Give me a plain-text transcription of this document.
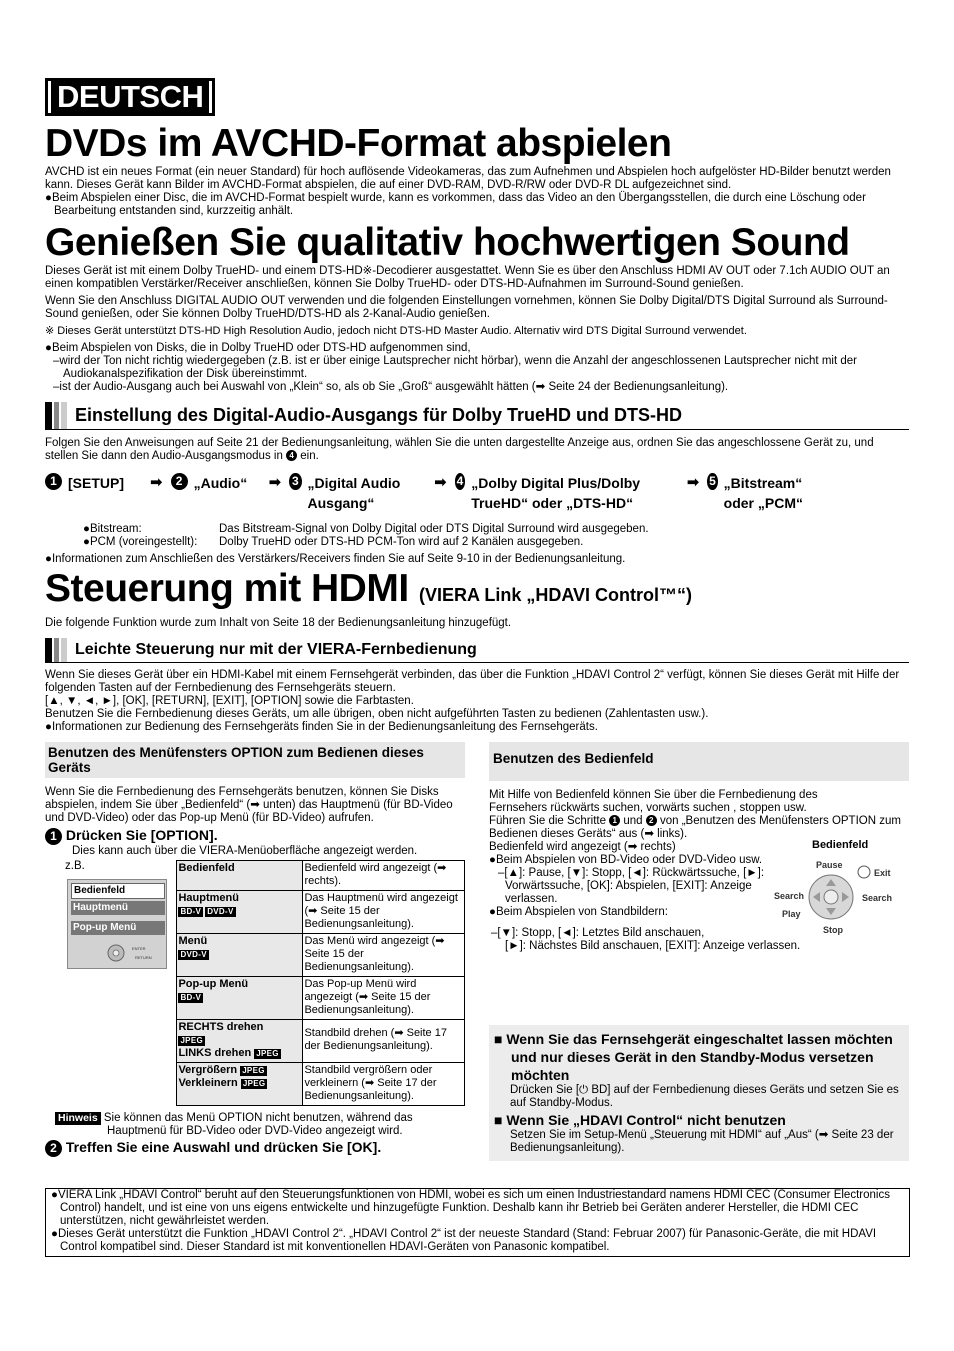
DEUTSCH
DVDs im AVCHD-Format abspielen

AVCHD ist ein neues Format (ein neuer Standard) für hoch auflösende Videokameras, das zum Aufnehmen und Abspielen hoch aufgelöster HD-Bilder benutzt werden kann. Dieses Gerät kann Bilder im AVCHD-Format abspielen, die auf einer DVD-RAM, DVD-R/RW oder DVD-R DL aufgezeichnet sind.

●Beim Abspielen einer Disc, die im AVCHD-Format bespielt wurde, kann es vorkommen, dass das Video an den Übergangsstellen, die durch eine Löschung oder Bearbeitung entstanden sind, kurzzeitig anhält.

Genießen Sie qualitativ hochwertigen Sound

Dieses Gerät ist mit einem Dolby TrueHD- und einem DTS-HD※-Decodierer ausgestattet. Wenn Sie es über den Anschluss HDMI AV OUT oder 7.1ch AUDIO OUT an einen kompatiblen Verstärker/Receiver anschließen, können Sie Dolby TrueHD- oder DTS-HD-Aufnahmen im Surround-Sound genießen.

Wenn Sie den Anschluss DIGITAL AUDIO OUT verwenden und die folgenden Einstellungen vornehmen, können Sie Dolby Digital/DTS Digital Surround als Surround-Sound genießen, oder Sie können Dolby TrueHD/DTS-HD als 2-Kanal-Audio genießen.

※ Dieses Gerät unterstützt DTS-HD High Resolution Audio, jedoch nicht DTS-HD Master Audio. Alternativ wird DTS Digital Surround verwendet.

●Beim Abspielen von Disks, die in Dolby TrueHD oder DTS-HD aufgenommen sind,

–wird der Ton nicht richtig wiedergegeben (z.B. ist er über einige Lautsprecher nicht hörbar), wenn die Anzahl der angeschlossenen Lautsprecher nicht mit der Audiokanalspezifikation der Disk übereinstimmt.

–ist der Audio-Ausgang auch bei Auswahl von „Klein“ so, als ob Sie „Groß“ ausgewählt hätten (➡ Seite 24 der Bedienungsanleitung).

Einstellung des Digital-Audio-Ausgangs für Dolby TrueHD und DTS-HD

Folgen Sie den Anweisungen auf Seite 21 der Bedienungsanleitung, wählen Sie die unten dargestellte Anzeige aus, ordnen Sie das angeschlossene Gerät zu, und stellen Sie dann den Audio-Ausgangsmodus in 4 ein.

1 [SETUP] ➡	2 „Audio“ ➡ 3 „Digital Audio Ausgang“
➡ 4 „Dolby Digital Plus/Dolby TrueHD“ oder „DTS-HD“
➡ 5 „Bitstream“ oder „PCM“
●Bitstream:	Das Bitstream-Signal von Dolby Digital oder DTS Digital Surround wird ausgegeben.
●PCM (voreingestellt):	Dolby TrueHD oder DTS-HD PCM-Ton wird auf 2 Kanälen ausgegeben.

●Informationen zum Anschließen des Verstärkers/Receivers finden Sie auf Seite 9-10 in der Bedienungsanleitung.

Steuerung mit HDMI (VIERA Link „HDAVI Control™“)

Die folgende Funktion wurde zum Inhalt von Seite 18 der Bedienungsanleitung hinzugefügt.

Leichte Steuerung nur mit der VIERA-Fernbedienung

Wenn Sie dieses Gerät über ein HDMI-Kabel mit einem Fernsehgerät verbinden, das über die Funktion „HDAVI Control 2“ verfügt, können Sie dieses Gerät mit Hilfe der folgenden Tasten auf der Fernbedienung des Fernsehgeräts steuern.

[▲, ▼, ◄, ►], [OK], [RETURN], [EXIT], [OPTION] sowie die Farbtasten.

Benutzen Sie die Fernbedienung dieses Geräts, um alle übrigen, oben nicht aufgeführten Tasten zu bedienen (Zahlentasten usw.).

●Informationen zur Bedienung des Fernsehgeräts finden Sie in der Bedienungsanleitung des Fernsehgeräts.

Benutzen des Menüfensters OPTION zum Bedienen dieses Geräts

Wenn Sie die Fernbedienung des Fernsehgeräts benutzen, können Sie Disks abspielen, indem Sie über „Bedienfeld“ (➡ unten) das Hauptmenü (für BD-Video und DVD-Video) oder das Pop-up Menü (für BD-Video) aufrufen.

1 Drücken Sie [OPTION].

Dies kann auch über die VIERA-Menüoberfläche angezeigt werden.

z.B.

Bedienfeld
Hauptmenü
Pop-up Menü
ENTER
RETURN
Bedienfeld	Bedienfeld wird angezeigt (➡ rechts).
Hauptmenü
BD-V DVD-V	Das Hauptmenü wird angezeigt (➡ Seite 15 der Bedienungsanleitung).
Menü
DVD-V	Das Menü wird angezeigt (➡ Seite 15 der Bedienungsanleitung).
Pop-up Menü
BD-V	Das Pop-up Menü wird angezeigt (➡ Seite 15 der Bedienungsanleitung).
RECHTS drehen
JPEG
LINKS drehen JPEG	Standbild drehen (➡ Seite 17 der Bedienungsanleitung).
Vergrößern JPEG
Verkleinern JPEG	Standbild vergrößern oder verkleinern (➡ Seite 17 der Bedienungsanleitung).

Hinweis Sie können das Menü OPTION nicht benutzen, während das Hauptmenü für BD-Video oder DVD-Video angezeigt wird.

2 Treffen Sie eine Auswahl und drücken Sie [OK].
Benutzen des Bedienfeld

Mit Hilfe von Bedienfeld können Sie über die Fernbedienung des Fernsehers rückwärts suchen, vorwärts suchen , stoppen usw.

Führen Sie die Schritte 1 und 2 von „Benutzen des Menüfensters OPTION zum Bedienen dieses Geräts“ aus (➡ links).

Bedienfeld wird angezeigt (➡ rechts)

●Beim Abspielen von BD-Video oder DVD-Video usw.

–[▲]: Pause, [▼]: Stopp, [◄]: Rückwärtssuche, [►]: Vorwärtssuche, [OK]: Abspielen, [EXIT]: Anzeige verlassen.

●Beim Abspielen von Standbildern:

Bedienfeld
Pause
Exit
Search	Search
Play
Stop

–[▼]: Stopp, [◄]: Letztes Bild anschauen,

[►]: Nächstes Bild anschauen, [EXIT]: Anzeige verlassen.

■ Wenn Sie das Fernsehgerät eingeschaltet lassen möchten und nur dieses Gerät in den Standby-Modus versetzen möchten

Drücken Sie [⏻ BD] auf der Fernbedienung dieses Geräts und setzen Sie es auf Standby-Modus.

■ Wenn Sie „HDAVI Control“ nicht benutzen

Setzen Sie im Setup-Menü „Steuerung mit HDMI“ auf „Aus“ (➡ Seite 23 der Bedienungsanleitung).

●VIERA Link „HDAVI Control“ beruht auf den Steuerungsfunktionen von HDMI, wobei es sich um einen Industriestandard namens HDMI CEC (Consumer Electronics Control) handelt, und ist eine von uns eigens entwickelte und hinzugefügte Funktion. Deshalb kann ihr Betrieb bei Geräten anderer Hersteller, die HDMI CEC unterstützen, nicht gewährleistet werden.

●Dieses Gerät unterstützt die Funktion „HDAVI Control 2“. „HDAVI Control 2“ ist der neueste Standard (Stand: Februar 2007) für Panasonic-Geräte, die mit HDAVI Control kompatibel sind. Dieser Standard ist mit konventionellen HDAVI-Geräten von Panasonic kompatibel.
